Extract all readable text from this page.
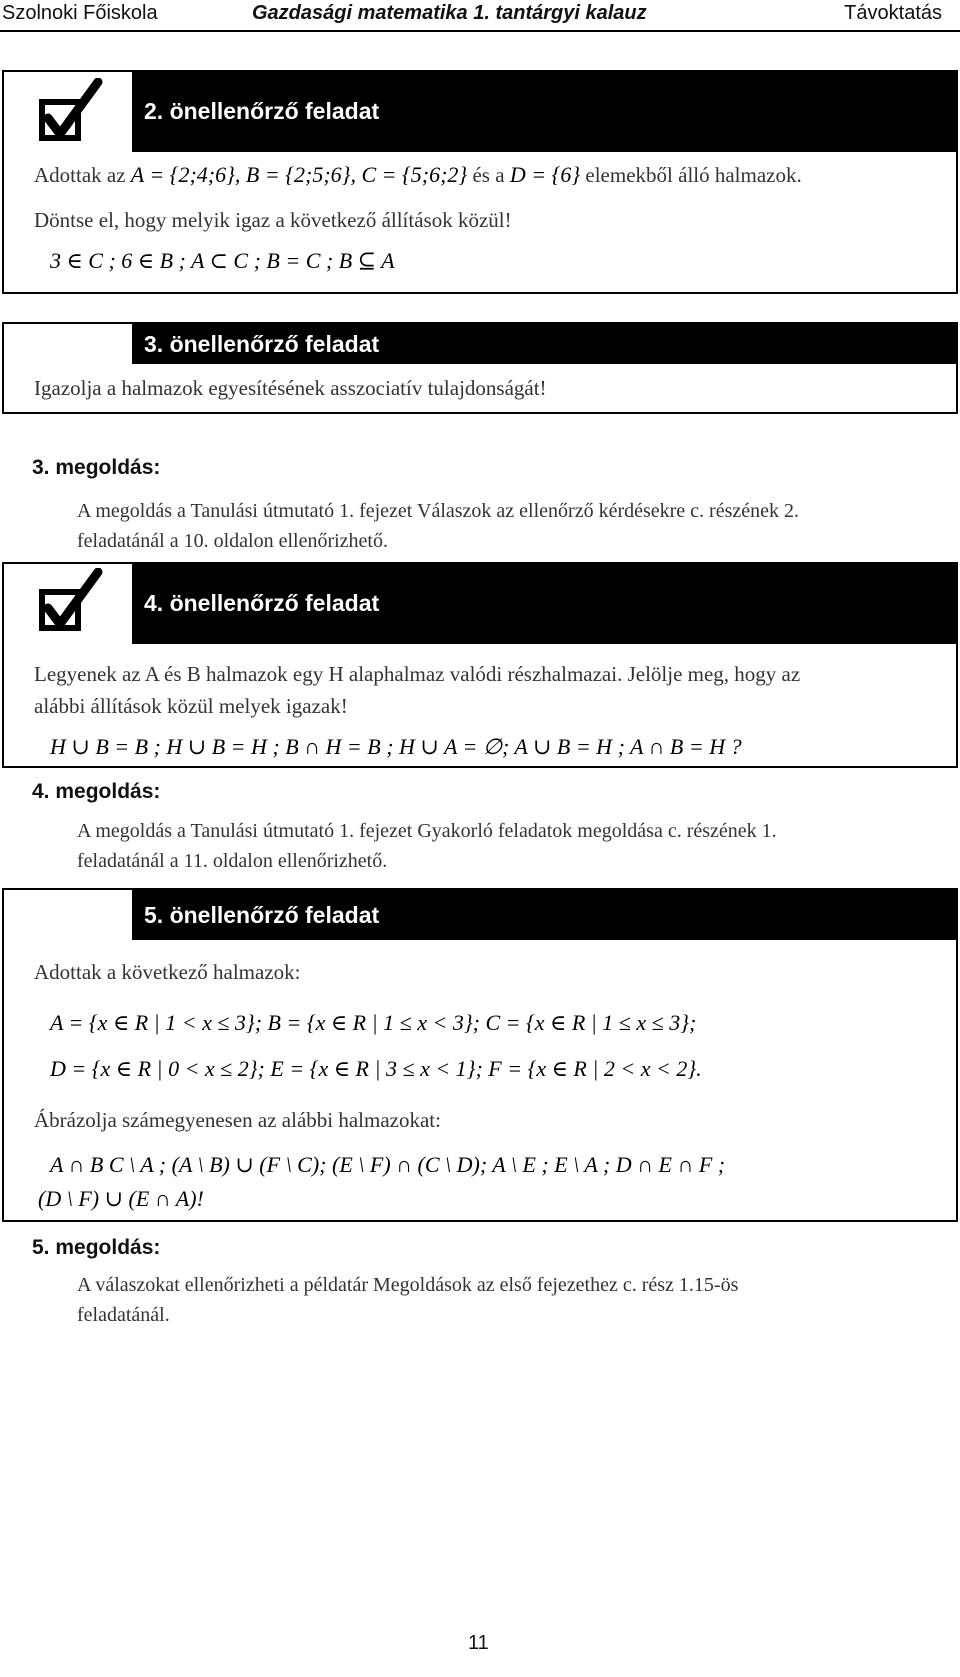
Szolnoki Főiskola	Gazdasági matematika 1. tantárgyi kalauz	Távoktatás
2. önellenőrző feladat
Adottak az A = {2;4;6}, B = {2;5;6}, C = {5;6;2} és a D = {6} elemekből álló halmazok.
Döntse el, hogy melyik igaz a következő állítások közül!
3 ∈ C ; 6 ∈ B ; A ⊂ C ; B = C ; B ⊆ A
3. önellenőrző feladat
Igazolja a halmazok egyesítésének asszociatív tulajdonságát!
3. megoldás:
A megoldás a Tanulási útmutató 1. fejezet Válaszok az ellenőrző kérdésekre c. részének 2.
feladatánál a 10. oldalon ellenőrizhető.
4. önellenőrző feladat
Legyenek az A és B halmazok egy H alaphalmaz valódi részhalmazai. Jelölje meg, hogy az
alábbi állítások közül melyek igazak!
H ∪ B = B ; H ∪ B = H ; B ∩ H = B ; H ∪ A = ∅; A ∪ B = H ; A ∩ B = H ?
4. megoldás:
A megoldás a Tanulási útmutató 1. fejezet Gyakorló feladatok megoldása c. részének 1.
feladatánál a 11. oldalon ellenőrizhető.
5. önellenőrző feladat
Adottak a következő halmazok:
A = {x ∈ R | 1 < x ≤ 3}; B = {x ∈ R | 1 ≤ x < 3}; C = {x ∈ R | 1 ≤ x ≤ 3};
D = {x ∈ R | 0 < x ≤ 2}; E = {x ∈ R | 3 ≤ x < 1}; F = {x ∈ R | 2 < x < 2}.
Ábrázolja számegyenesen az alábbi halmazokat:
A ∩ B C \ A ; (A \ B) ∪ (F \ C); (E \ F) ∩ (C \ D); A \ E ; E \ A ; D ∩ E ∩ F ;
(D \ F) ∪ (E ∩ A)!
5. megoldás:
A válaszokat ellenőrizheti a példatár Megoldások az első fejezethez c. rész 1.15-ös
feladatánál.
11
